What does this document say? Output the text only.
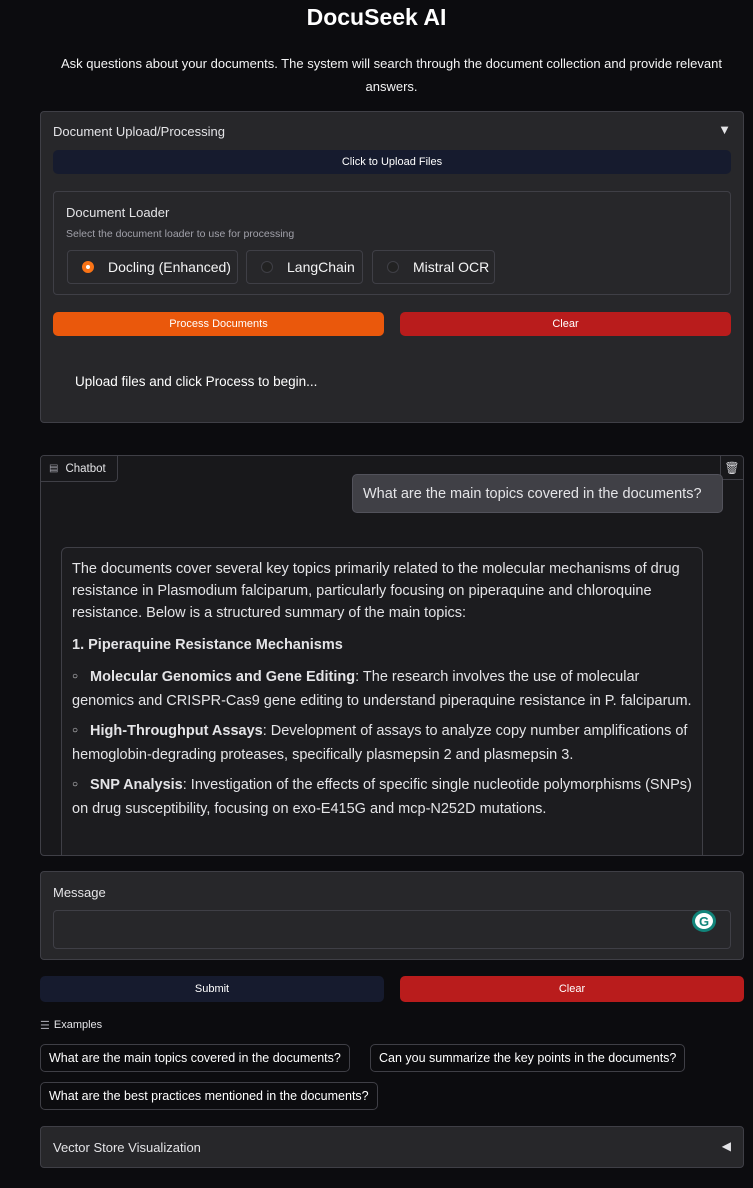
DocuSeek AI
Ask questions about your documents. The system will search through the document collection and provide relevant answers.
Document Upload/Processing	▼
Click to Upload Files
Document Loader
Select the document loader to use for processing
Docling (Enhanced)	LangChain	Mistral OCR
Process Documents	Clear
Upload files and click Process to begin...
▤ Chatbot	🗑
What are the main topics covered in the documents?

The documents cover several key topics primarily related to the molecular mechanisms of drug resistance in Plasmodium falciparum, particularly focusing on piperaquine and chloroquine resistance. Below is a structured summary of the main topics:

1. Piperaquine Resistance Mechanisms

○ Molecular Genomics and Gene Editing: The research involves the use of molecular genomics and CRISPR-Cas9 gene editing to understand piperaquine resistance in P. falciparum.
○ High-Throughput Assays: Development of assays to analyze copy number amplifications of hemoglobin-degrading proteases, specifically plasmepsin 2 and plasmepsin 3.
○ SNP Analysis: Investigation of the effects of specific single nucleotide polymorphisms (SNPs) on drug susceptibility, focusing on exo-E415G and mcp-N252D mutations.
Message
G
Submit	Clear
☰ Examples
What are the main topics covered in the documents?	Can you summarize the key points in the documents?
What are the best practices mentioned in the documents?
Vector Store Visualization	◀
